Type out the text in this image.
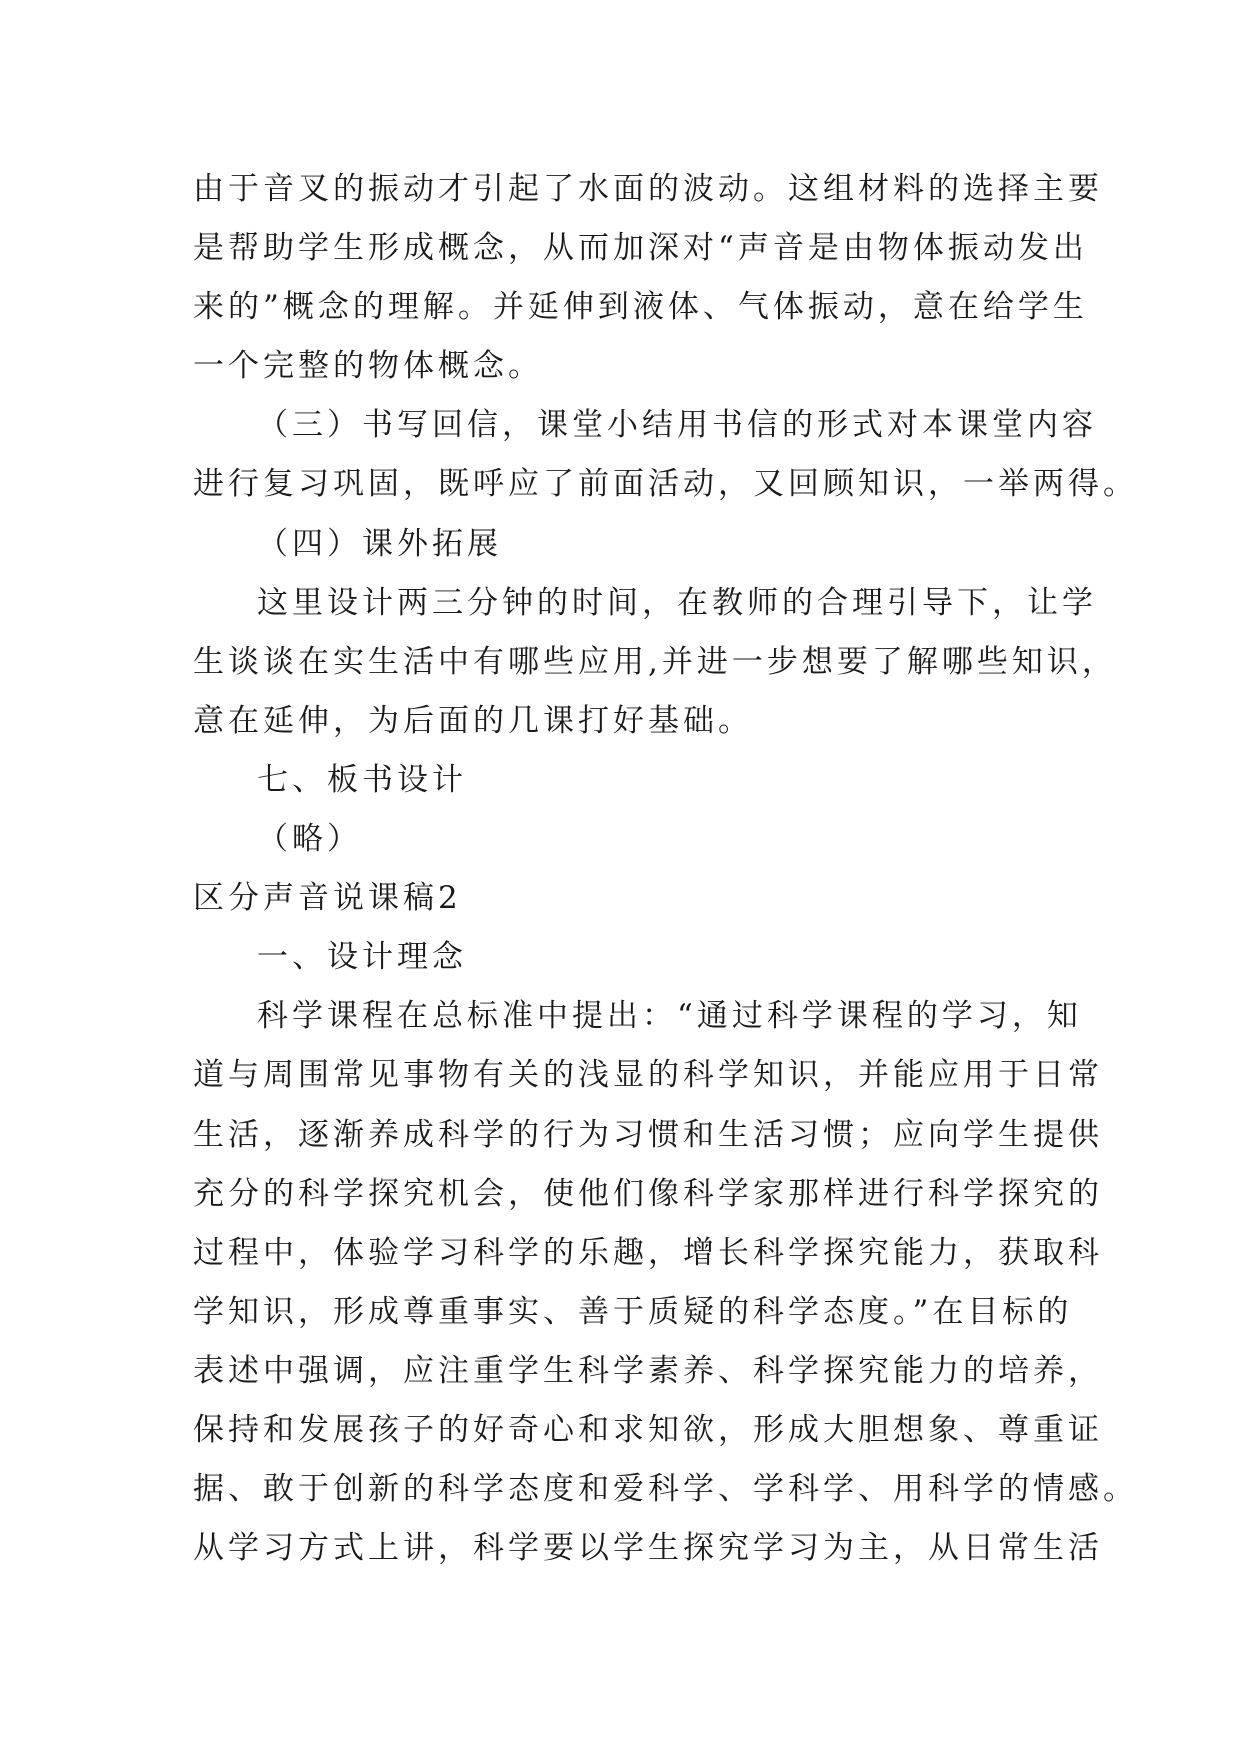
由于音叉的振动才引起了水面的波动。这组材料的选择主要
是帮助学生形成概念，从而加深对“声音是由物体振动发出
来的”概念的理解。并延伸到液体、气体振动，意在给学生
一个完整的物体概念。
（三）书写回信，课堂小结用书信的形式对本课堂内容
进行复习巩固，既呼应了前面活动，又回顾知识，一举两得。
（四）课外拓展
这里设计两三分钟的时间，在教师的合理引导下，让学
生谈谈在实生活中有哪些应用,并进一步想要了解哪些知识，
意在延伸，为后面的几课打好基础。
七、板书设计
（略）
区分声音说课稿2
一、设计理念
科学课程在总标准中提出：“通过科学课程的学习，知
道与周围常见事物有关的浅显的科学知识，并能应用于日常
生活，逐渐养成科学的行为习惯和生活习惯；应向学生提供
充分的科学探究机会，使他们像科学家那样进行科学探究的
过程中，体验学习科学的乐趣，增长科学探究能力，获取科
学知识，形成尊重事实、善于质疑的科学态度。”在目标的
表述中强调，应注重学生科学素养、科学探究能力的培养，
保持和发展孩子的好奇心和求知欲，形成大胆想象、尊重证
据、敢于创新的科学态度和爱科学、学科学、用科学的情感。
从学习方式上讲，科学要以学生探究学习为主，从日常生活
